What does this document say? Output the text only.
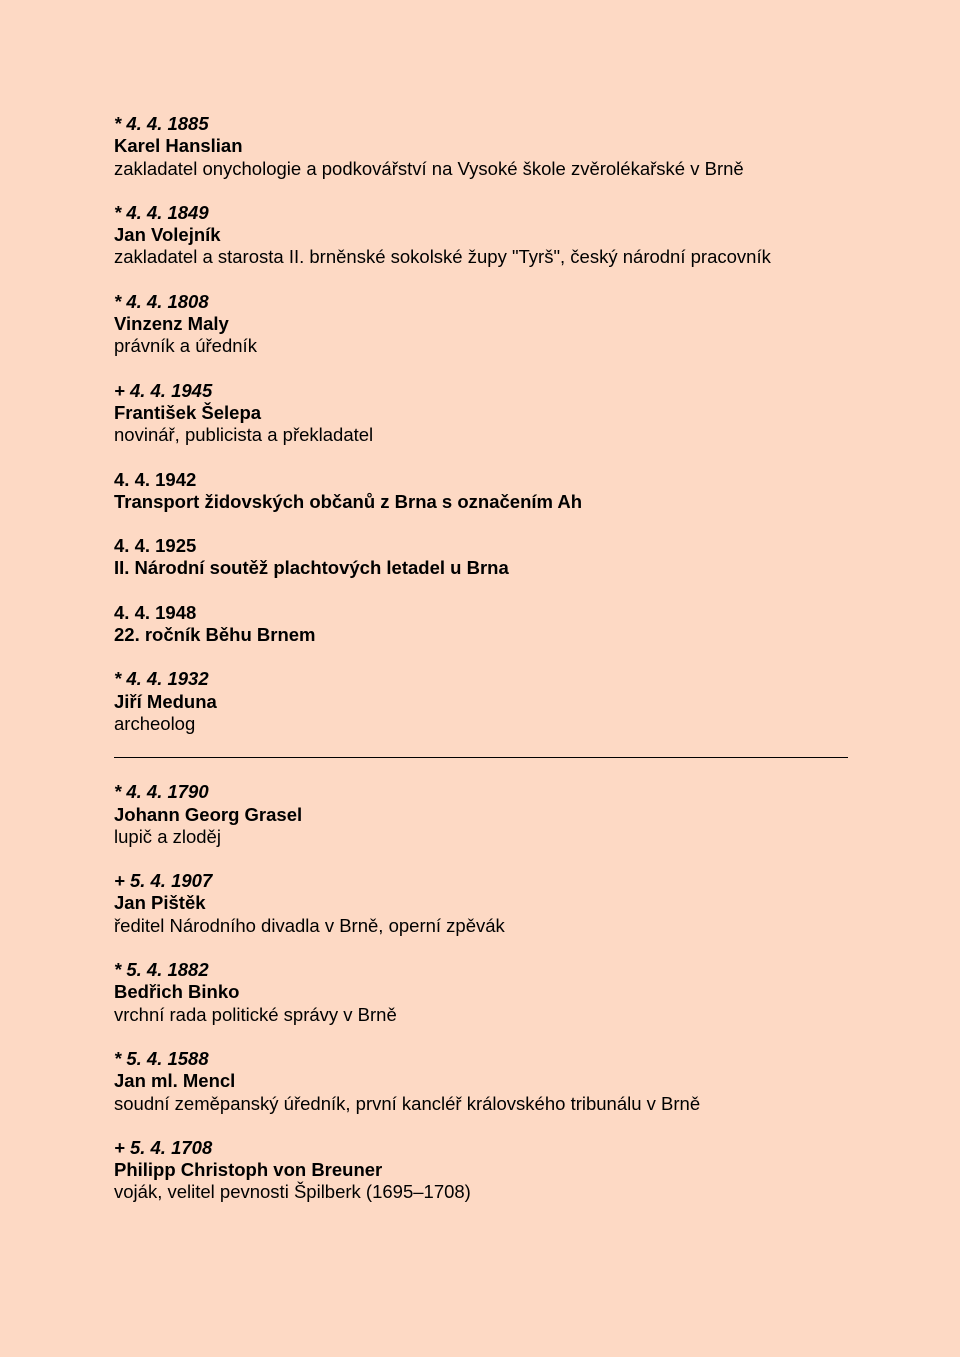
* 4. 4. 1885
Karel Hanslian
zakladatel onychologie a podkovářství na Vysoké škole zvěrolékařské v Brně
* 4. 4. 1849
Jan Volejník
zakladatel a starosta II. brněnské sokolské župy "Tyrš", český národní pracovník
* 4. 4. 1808
Vinzenz Maly
právník a úředník
+ 4. 4. 1945
František Šelepa
novinář, publicista a překladatel
4. 4. 1942
Transport židovských občanů z Brna s označením Ah
4. 4. 1925
II. Národní soutěž plachtových letadel u Brna
4. 4. 1948
22. ročník Běhu Brnem
* 4. 4. 1932
Jiří Meduna
archeolog
* 4. 4. 1790
Johann Georg Grasel
lupič a zloděj
+ 5. 4. 1907
Jan Pištěk
ředitel Národního divadla v Brně, operní zpěvák
* 5. 4. 1882
Bedřich Binko
vrchní rada politické správy v Brně
* 5. 4. 1588
Jan ml. Mencl
soudní zeměpanský úředník, první kancléř královského tribunálu v Brně
+ 5. 4. 1708
Philipp Christoph von Breuner
voják, velitel pevnosti Špilberk (1695–1708)
